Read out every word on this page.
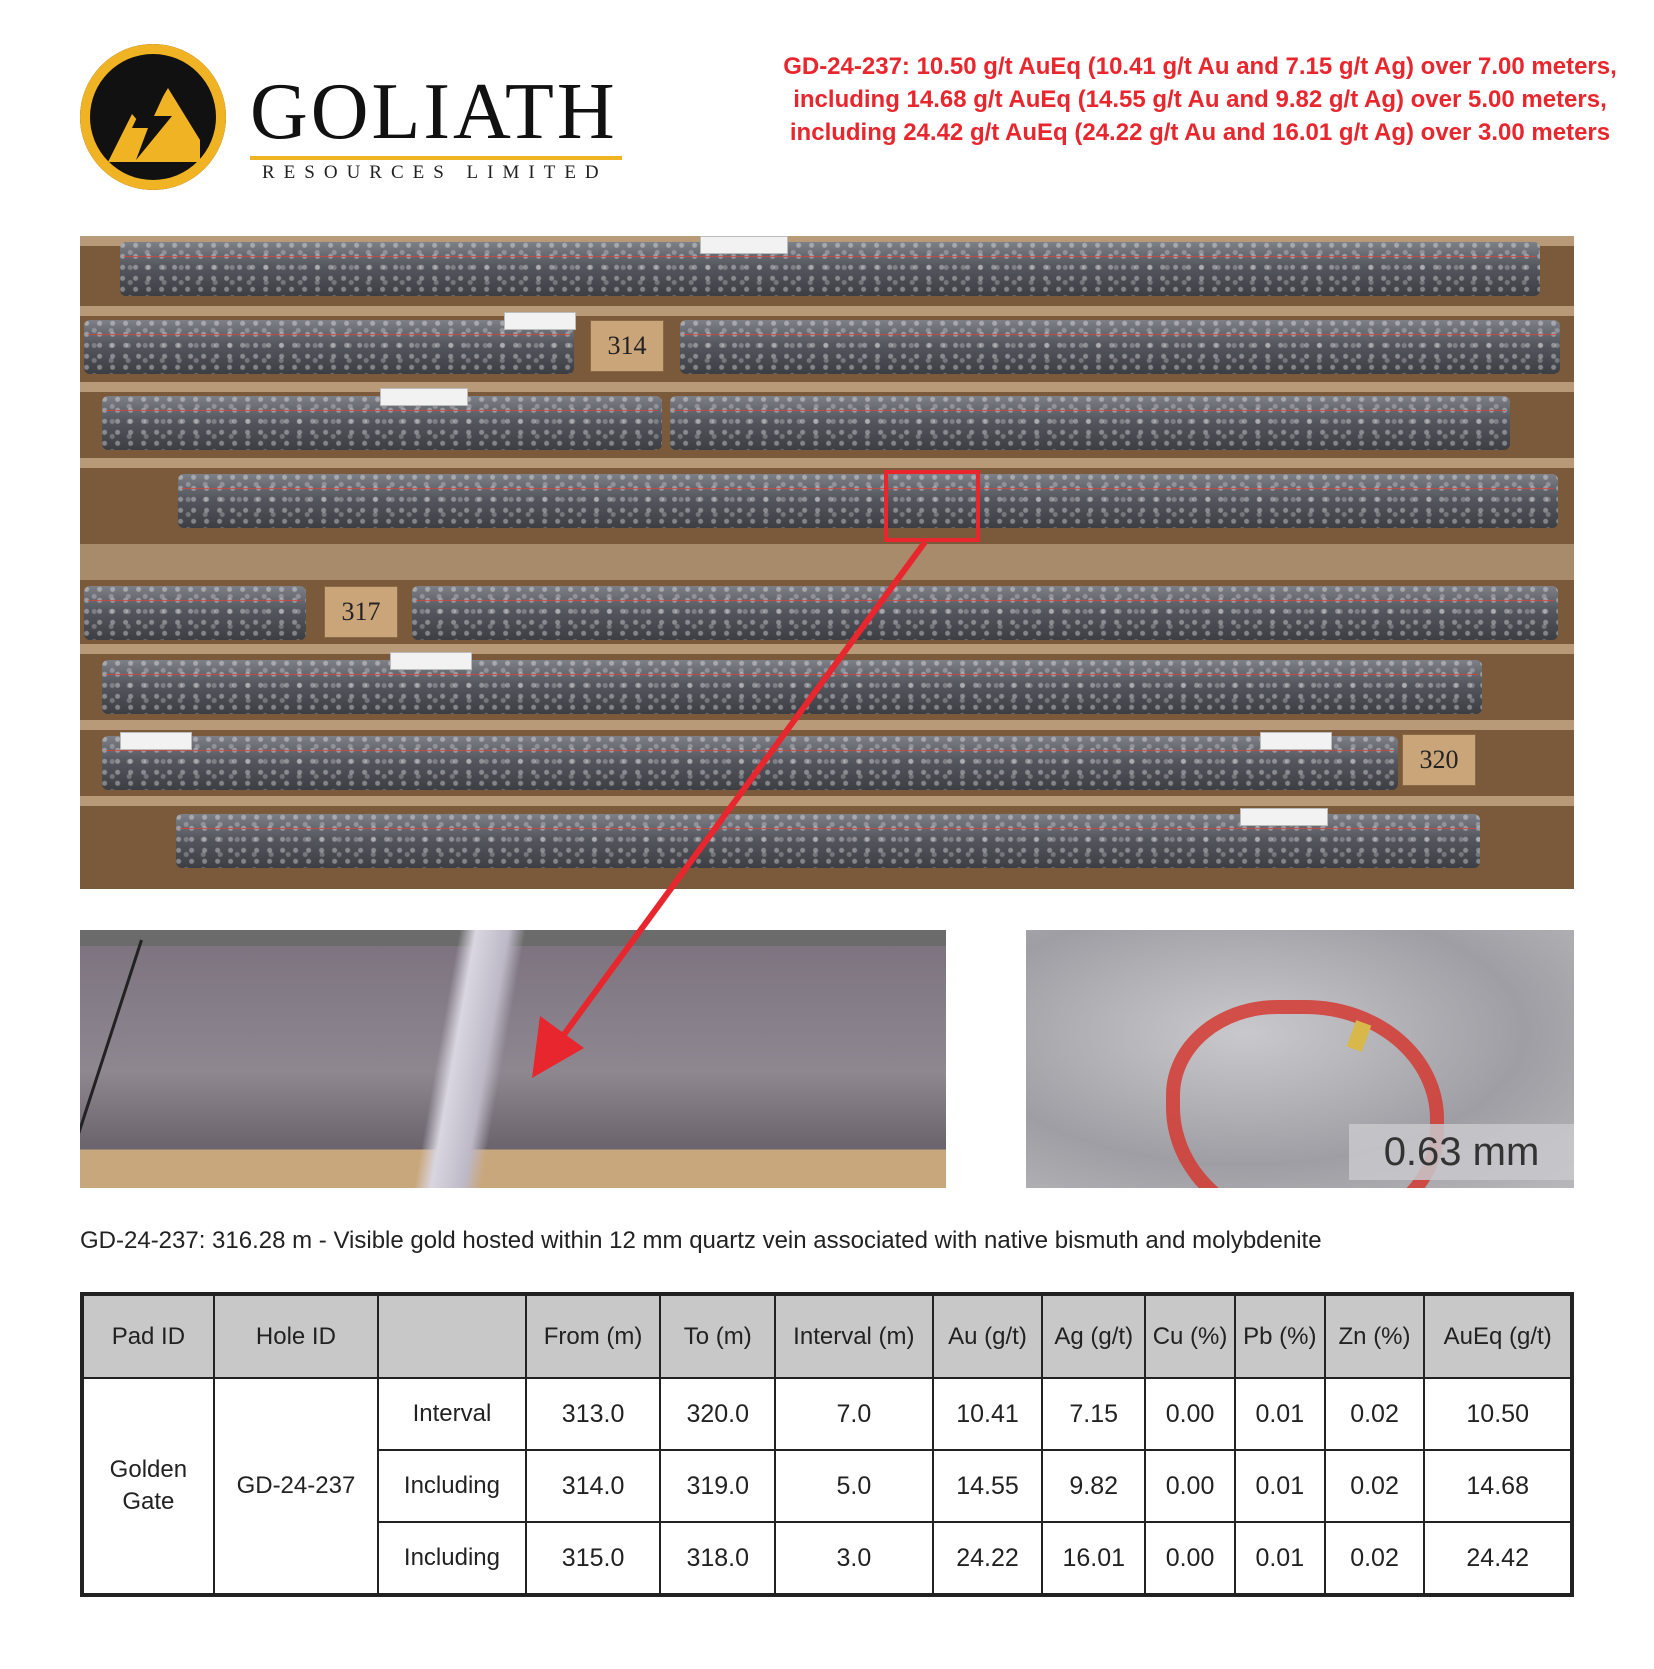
GOLIATH
RESOURCES LIMITED
GD-24-237: 10.50 g/t AuEq (10.41 g/t Au and 7.15 g/t Ag) over 7.00 meters, including 14.68 g/t AuEq (14.55 g/t Au and 9.82 g/t Ag) over 5.00 meters, including 24.42 g/t AuEq (24.22 g/t Au and 16.01 g/t Ag) over 3.00 meters
314
317
320
0.63 mm
GD-24-237: 316.28 m - Visible gold hosted within 12 mm quartz vein associated with native bismuth and molybdenite
Pad ID	Hole ID		From (m)	To (m)	Interval (m)	Au (g/t)	Ag (g/t)	Cu (%)	Pb (%)	Zn (%)	AuEq (g/t)
Golden Gate	GD-24-237	Interval	313.0	320.0	7.0	10.41	7.15	0.00	0.01	0.02	10.50
		Including	314.0	319.0	5.0	14.55	9.82	0.00	0.01	0.02	14.68
		Including	315.0	318.0	3.0	24.22	16.01	0.00	0.01	0.02	24.42
